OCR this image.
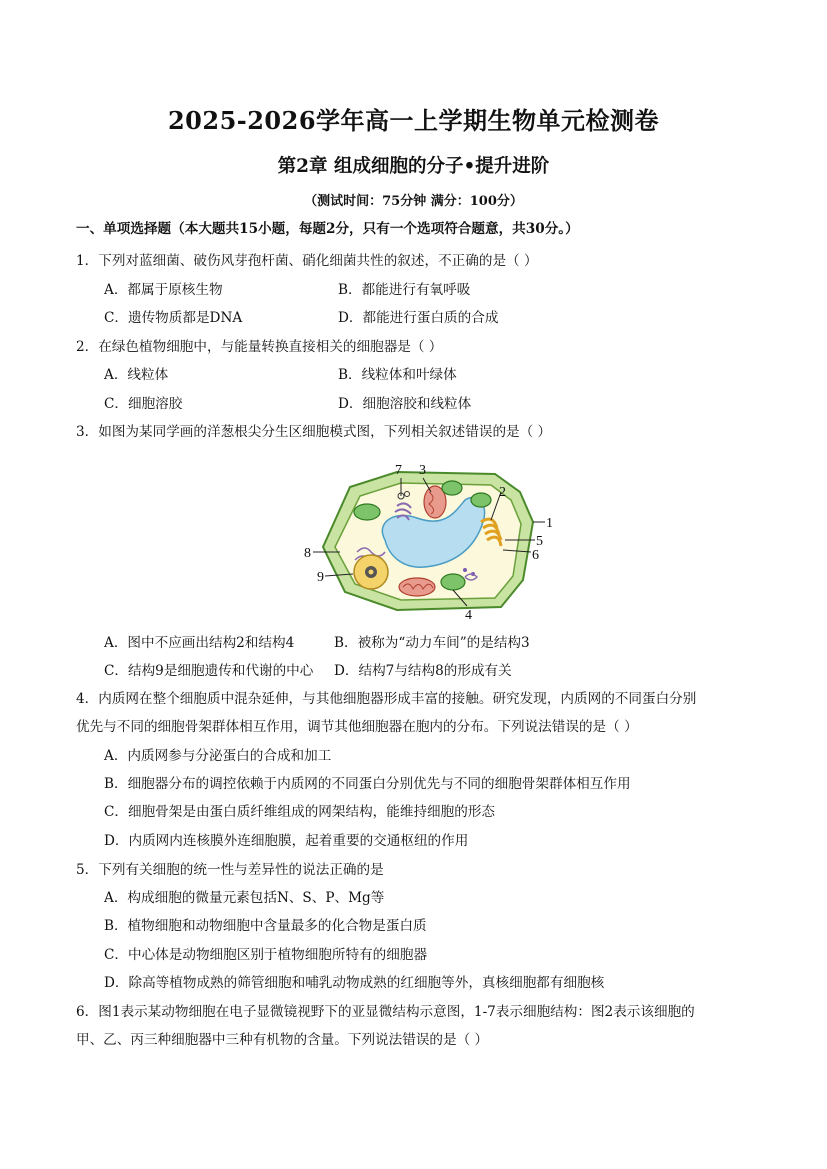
2025-2026学年高一上学期生物单元检测卷
第2章 组成细胞的分子•提升进阶
（测试时间：75分钟 满分：100分）
一、单项选择题（本大题共15小题，每题2分，只有一个选项符合题意，共30分。）
1．下列对蓝细菌、破伤风芽孢杆菌、硝化细菌共性的叙述，不正确的是（ ）
A．都属于原核生物	B．都能进行有氧呼吸
C．遗传物质都是DNA	D．都能进行蛋白质的合成
2．在绿色植物细胞中，与能量转换直接相关的细胞器是（ ）
A．线粒体	B．线粒体和叶绿体
C．细胞溶胶	D．细胞溶胶和线粒体
3．如图为某同学画的洋葱根尖分生区细胞模式图，下列相关叙述错误的是（ ）
7 3
2
1
5
6
8
9
4
A．图中不应画出结构2和结构4	B．被称为“动力车间”的是结构3
C．结构9是细胞遗传和代谢的中心 D．结构7与结构8的形成有关
4．内质网在整个细胞质中混杂延伸，与其他细胞器形成丰富的接触。研究发现，内质网的不同蛋白分别
优先与不同的细胞骨架群体相互作用，调节其他细胞器在胞内的分布。下列说法错误的是（ ）
A．内质网参与分泌蛋白的合成和加工
B．细胞器分布的调控依赖于内质网的不同蛋白分别优先与不同的细胞骨架群体相互作用
C．细胞骨架是由蛋白质纤维组成的网架结构，能维持细胞的形态
D．内质网内连核膜外连细胞膜，起着重要的交通枢纽的作用
5．下列有关细胞的统一性与差异性的说法正确的是
A．构成细胞的微量元素包括N、S、P、Mg等
B．植物细胞和动物细胞中含量最多的化合物是蛋白质
C．中心体是动物细胞区别于植物细胞所特有的细胞器
D．除高等植物成熟的筛管细胞和哺乳动物成熟的红细胞等外，真核细胞都有细胞核
6．图1表示某动物细胞在电子显微镜视野下的亚显微结构示意图，1-7表示细胞结构：图2表示该细胞的
甲、乙、丙三种细胞器中三种有机物的含量。下列说法错误的是（ ）
